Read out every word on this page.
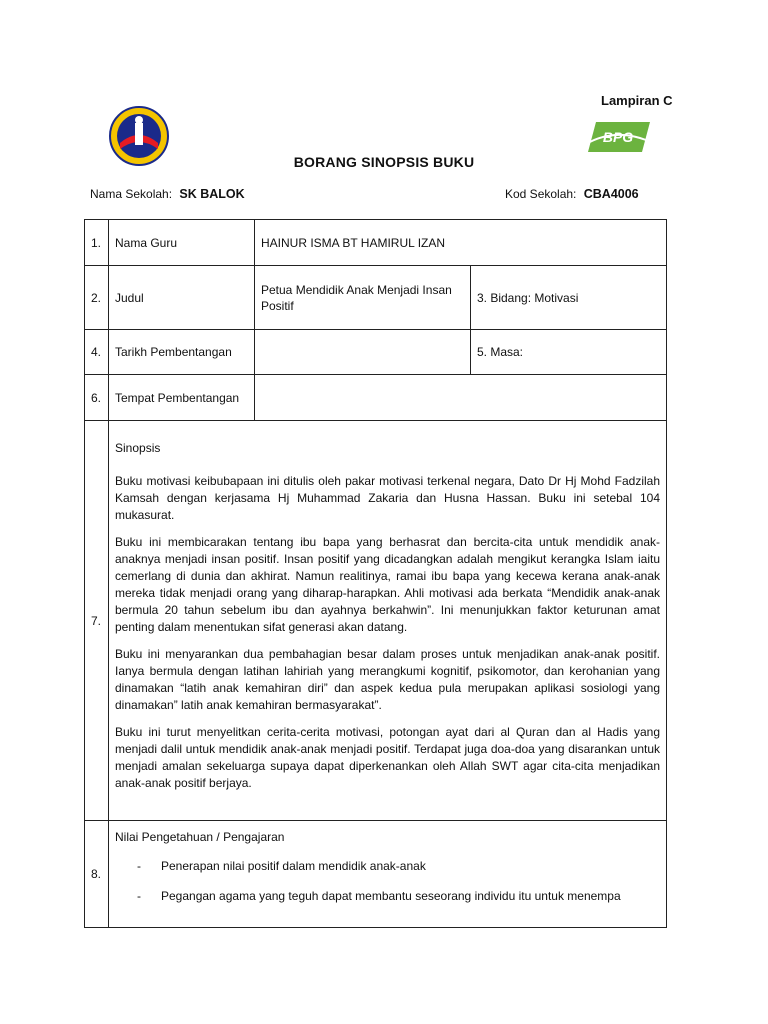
Lampiran C
BPG
BORANG SINOPSIS BUKU
Nama Sekolah: SK BALOK	Kod Sekolah: CBA4006
1.	Nama Guru	HAINUR ISMA BT HAMIRUL IZAN	
2.	Judul	Petua Mendidik Anak Menjadi Insan Positif	3. Bidang: Motivasi
4.	Tarikh Pembentangan		5. Masa:
6.	Tempat Pembentangan		
7.	Sinopsis

Buku motivasi keibubapaan ini ditulis oleh pakar motivasi terkenal negara, Dato Dr Hj Mohd Fadzilah Kamsah dengan kerjasama Hj Muhammad Zakaria dan Husna Hassan. Buku ini setebal 104 mukasurat.

Buku ini membicarakan tentang ibu bapa yang berhasrat dan bercita-cita untuk mendidik anak-anaknya menjadi insan positif. Insan positif yang dicadangkan adalah mengikut kerangka Islam iaitu cemerlang di dunia dan akhirat. Namun realitinya, ramai ibu bapa yang kecewa kerana anak-anak mereka tidak menjadi orang yang diharap-harapkan. Ahli motivasi ada berkata “Mendidik anak-anak bermula 20 tahun sebelum ibu dan ayahnya berkahwin”. Ini menunjukkan faktor keturunan amat penting dalam menentukan sifat generasi akan datang.

Buku ini menyarankan dua pembahagian besar dalam proses untuk menjadikan anak-anak positif. Ianya bermula dengan latihan lahiriah yang merangkumi kognitif, psikomotor, dan kerohanian yang dinamakan “latih anak kemahiran diri” dan aspek kedua pula merupakan aplikasi sosiologi yang dinamakan” latih anak kemahiran bermasyarakat”.

Buku ini turut menyelitkan cerita-cerita motivasi, potongan ayat dari al Quran dan al Hadis yang menjadi dalil untuk mendidik anak-anak menjadi positif. Terdapat juga doa-doa yang disarankan untuk menjadi amalan sekeluarga supaya dapat diperkenankan oleh Allah SWT agar cita-cita menjadikan anak-anak positif berjaya.		

8.	Nilai Pengetahuan / Pengajaran

- Penerapan nilai positif dalam mendidik anak-anak
- Pegangan agama yang teguh dapat membantu seseorang individu itu untuk menempa		
